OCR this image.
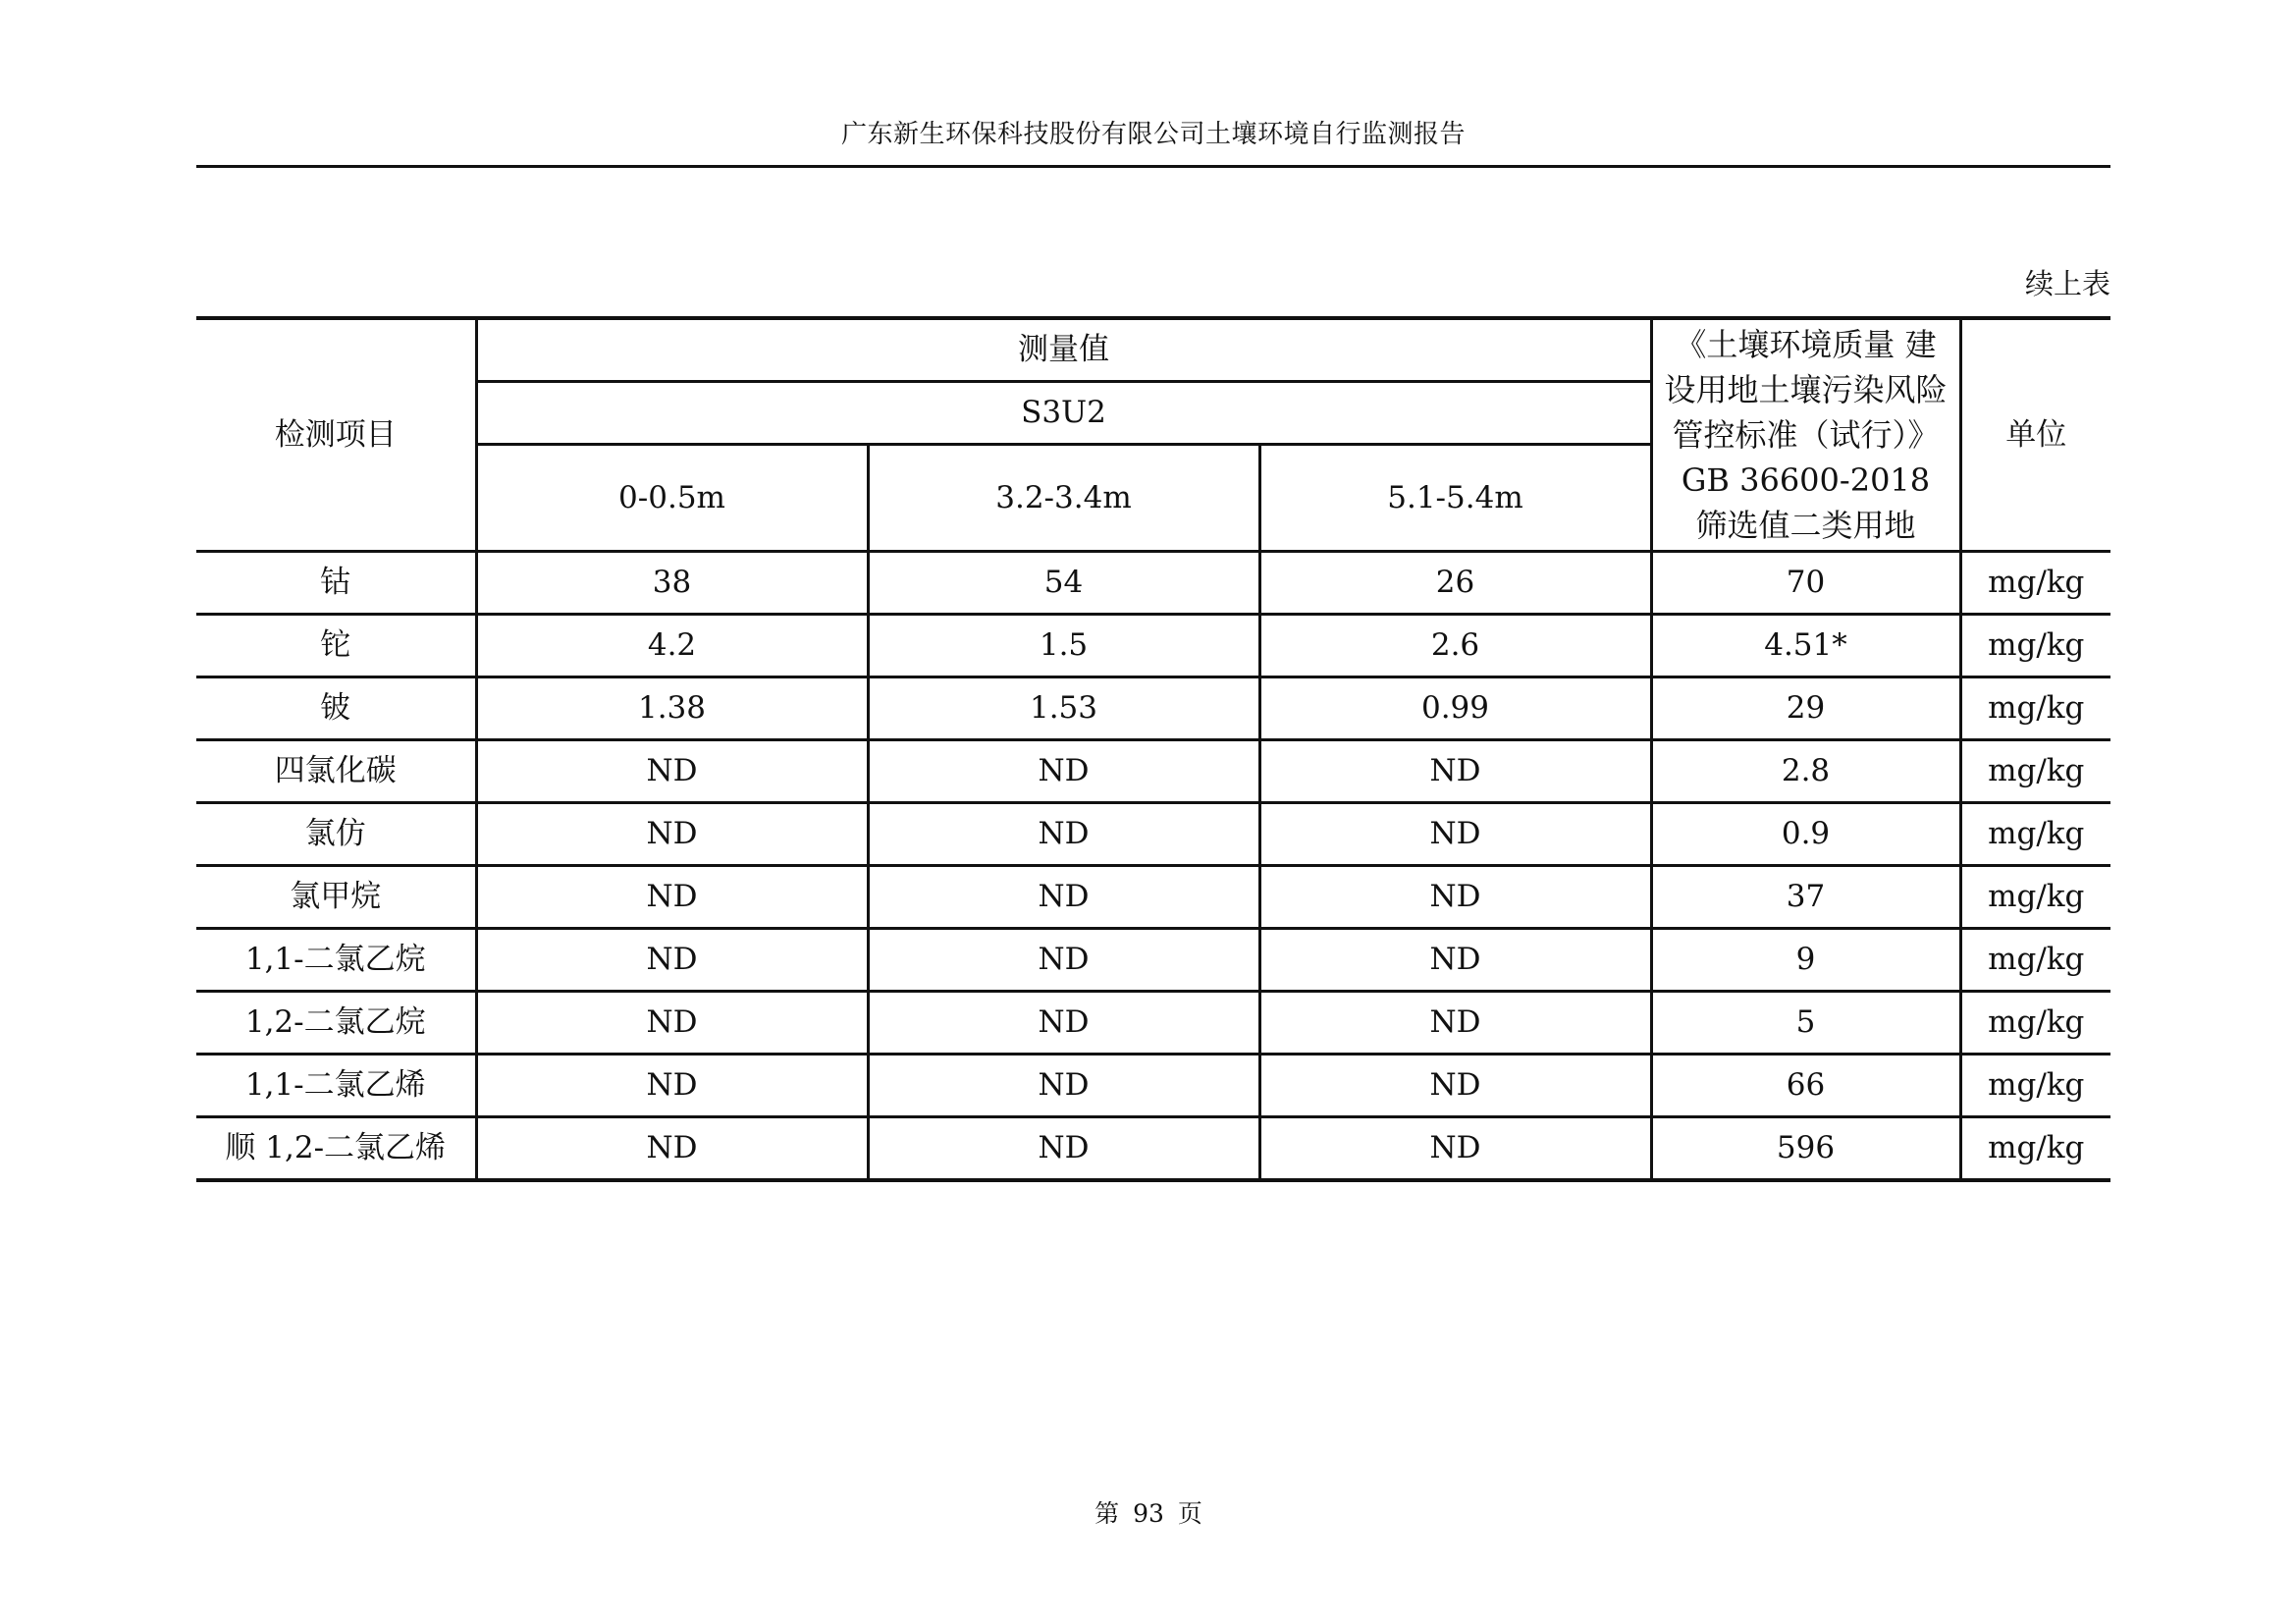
广东新生环保科技股份有限公司土壤环境自行监测报告
续上表
检测项目	测量值			《土壤环境质量 建
设用地土壤污染风险
管控标准（试行）》
GB 36600-2018
筛选值二类用地	单位
	S3U2				
	0-0.5m	3.2-3.4m	5.1-5.4m		
钴	38	54	26	70	mg/kg
铊	4.2	1.5	2.6	4.51*	mg/kg
铍	1.38	1.53	0.99	29	mg/kg
四氯化碳	ND	ND	ND	2.8	mg/kg
氯仿	ND	ND	ND	0.9	mg/kg
氯甲烷	ND	ND	ND	37	mg/kg
1,1-二氯乙烷	ND	ND	ND	9	mg/kg
1,2-二氯乙烷	ND	ND	ND	5	mg/kg
1,1-二氯乙烯	ND	ND	ND	66	mg/kg
顺 1,2-二氯乙烯	ND	ND	ND	596	mg/kg
第 93 页
